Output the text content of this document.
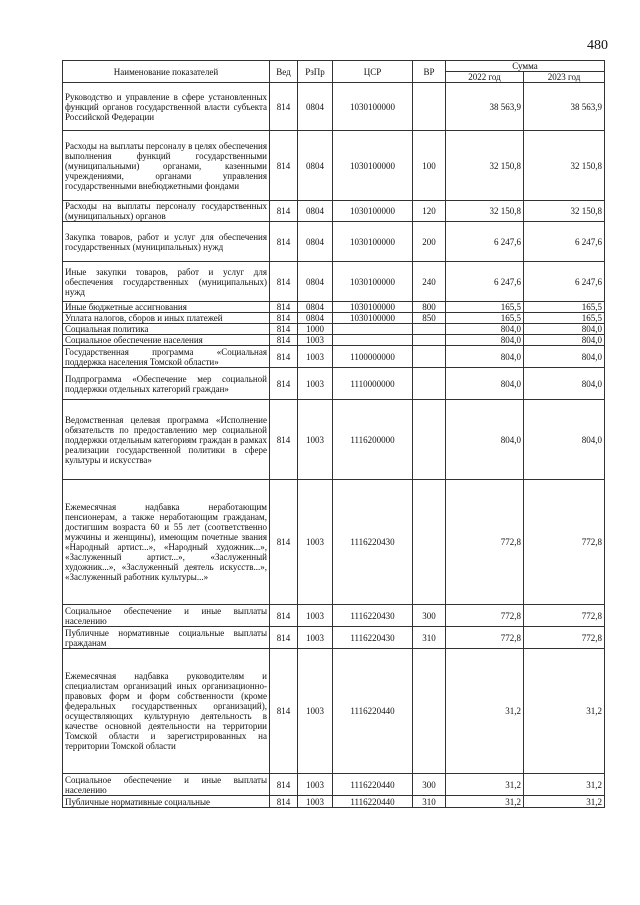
480
Наименование показателей	Вед	РзПр	ЦСР	ВР	Сумма	
					2022 год	2023 год
Руководство и управление в сфере установленных функций органов государственной власти субъекта Российской Федерации	814	0804	1030100000		38 563,9	38 563,9
Расходы на выплаты персоналу в целях обеспечения выполнения функций государственными (муниципальными) органами, казенными учреждениями, органами управления государственными внебюджетными фондами	814	0804	1030100000	100	32 150,8	32 150,8
Расходы на выплаты персоналу государственных (муниципальных) органов	814	0804	1030100000	120	32 150,8	32 150,8
Закупка товаров, работ и услуг для обеспечения государственных (муниципальных) нужд	814	0804	1030100000	200	6 247,6	6 247,6
Иные закупки товаров, работ и услуг для обеспечения государственных (муниципальных) нужд	814	0804	1030100000	240	6 247,6	6 247,6
Иные бюджетные ассигнования	814	0804	1030100000	800	165,5	165,5
Уплата налогов, сборов и иных платежей	814	0804	1030100000	850	165,5	165,5
Социальная политика	814	1000			804,0	804,0
Социальное обеспечение населения	814	1003			804,0	804,0
Государственная программа «Социальная поддержка населения Томской области»	814	1003	1100000000		804,0	804,0
Подпрограмма «Обеспечение мер социальной поддержки отдельных категорий граждан»	814	1003	1110000000		804,0	804,0
Ведомственная целевая программа «Исполнение обязательств по предоставлению мер социальной поддержки отдельным категориям граждан в рамках реализации государственной политики в сфере культуры и искусства»	814	1003	1116200000		804,0	804,0
Ежемесячная надбавка неработающим пенсионерам, а также неработающим гражданам, достигшим возраста 60 и 55 лет (соответственно мужчины и женщины), имеющим почетные звания «Народный артист...», «Народный художник...», «Заслуженный артист...», «Заслуженный художник...», «Заслуженный деятель искусств...», «Заслуженный работник культуры...»	814	1003	1116220430		772,8	772,8
Социальное обеспечение и иные выплаты населению	814	1003	1116220430	300	772,8	772,8
Публичные нормативные социальные выплаты гражданам	814	1003	1116220430	310	772,8	772,8
Ежемесячная надбавка руководителям и специалистам организаций иных организационно-правовых форм и форм собственности (кроме федеральных государственных организаций), осуществляющих культурную деятельность в качестве основной деятельности на территории Томской области и зарегистрированных на территории Томской области	814	1003	1116220440		31,2	31,2
Социальное обеспечение и иные выплаты населению	814	1003	1116220440	300	31,2	31,2
Публичные нормативные социальные	814	1003	1116220440	310	31,2	31,2
